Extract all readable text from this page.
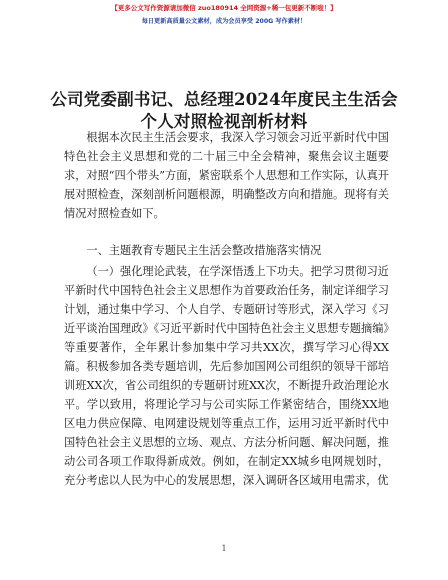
【更多公文写作资源请加微信 zuo180914 全网资源+稀一包更新不断啦！】
每日更新高质量公文素材，成为会员享受 200G 写作素材！
公司党委副书记、总经理2024年度民主生活会
个人对照检视剖析材料
根据本次民主生活会要求，我深入学习领会习近平新时代中国特色社会主义思想和党的二十届三中全会精神，聚焦会议主题要求，对照“四个带头”方面，紧密联系个人思想和工作实际，认真开展对照检查，深刻剖析问题根源，明确整改方向和措施。现将有关情况对照检查如下。
一、主题教育专题民主生活会整改措施落实情况
（一）强化理论武装，在学深悟透上下功夫。把学习贯彻习近平新时代中国特色社会主义思想作为首要政治任务，制定详细学习计划，通过集中学习、个人自学、专题研讨等形式，深入学习《习近平谈治国理政》《习近平新时代中国特色社会主义思想专题摘编》等重要著作，全年累计参加集中学习共XX次，撰写学习心得XX篇。积极参加各类专题培训，先后参加国网公司组织的领导干部培训班XX次，省公司组织的专题研讨班XX次，不断提升政治理论水平。学以致用，将理论学习与公司实际工作紧密结合，围绕XX地区电力供应保障、电网建设规划等重点工作，运用习近平新时代中国特色社会主义思想的立场、观点、方法分析问题、解决问题，推动公司各项工作取得新成效。例如，在制定XX城乡电网规划时，充分考虑以人民为中心的发展思想，深入调研各区域用电需求，优
1
